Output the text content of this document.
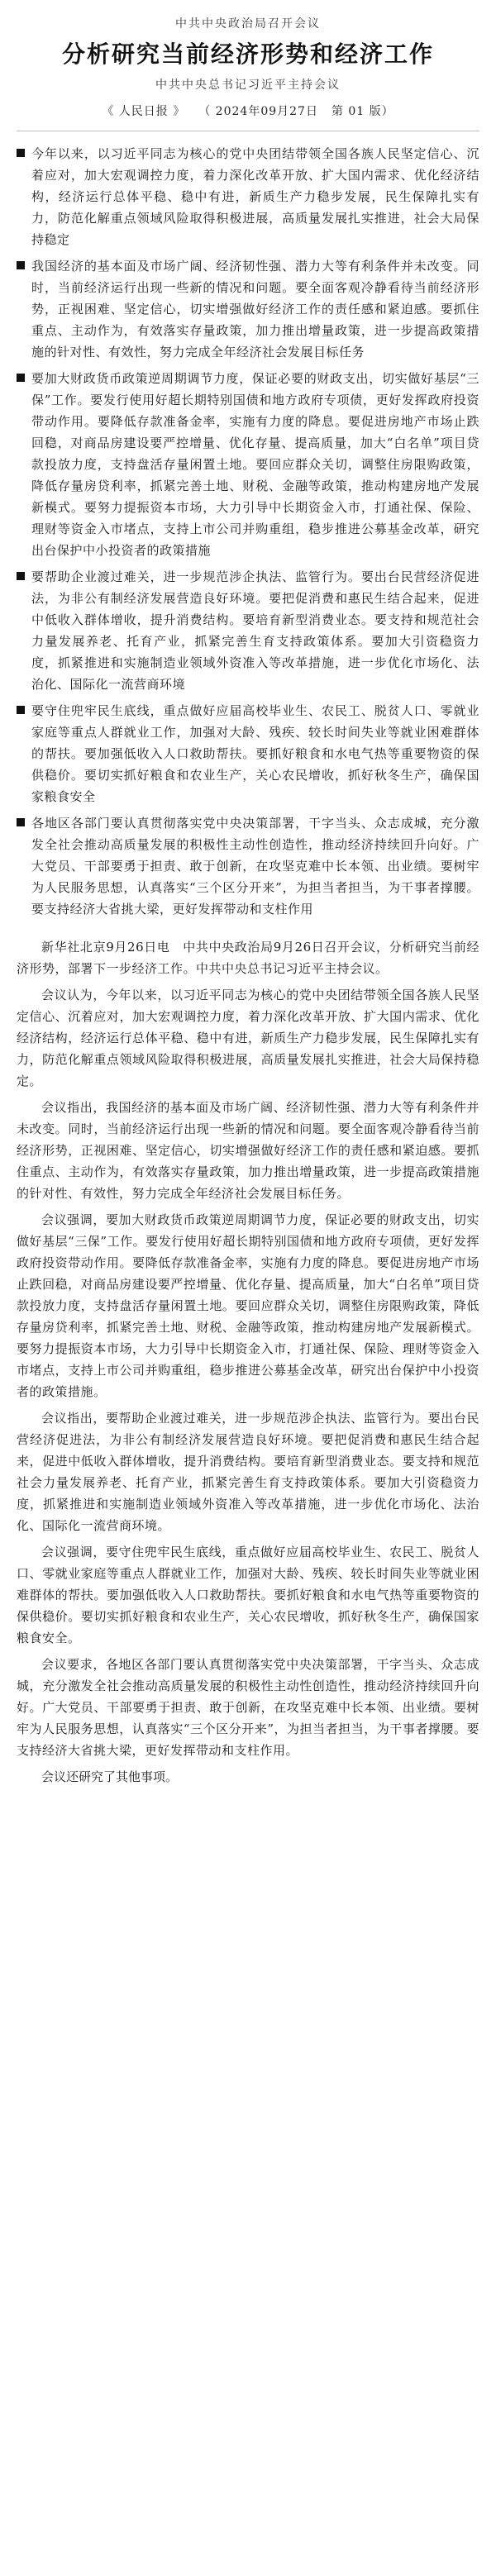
中共中央政治局召开会议
分析研究当前经济形势和经济工作
中共中央总书记习近平主持会议
《 人民日报 》 （ 2024年09月27日 第 01 版）
今年以来，以习近平同志为核心的党中央团结带领全国各族人民坚定信心、沉着应对，加大宏观调控力度，着力深化改革开放、扩大国内需求、优化经济结构，经济运行总体平稳、稳中有进，新质生产力稳步发展，民生保障扎实有力，防范化解重点领域风险取得积极进展，高质量发展扎实推进，社会大局保持稳定
我国经济的基本面及市场广阔、经济韧性强、潜力大等有利条件并未改变。同时，当前经济运行出现一些新的情况和问题。要全面客观冷静看待当前经济形势，正视困难、坚定信心，切实增强做好经济工作的责任感和紧迫感。要抓住重点、主动作为，有效落实存量政策，加力推出增量政策，进一步提高政策措施的针对性、有效性，努力完成全年经济社会发展目标任务
要加大财政货币政策逆周期调节力度，保证必要的财政支出，切实做好基层“三保”工作。要发行使用好超长期特别国债和地方政府专项债，更好发挥政府投资带动作用。要降低存款准备金率，实施有力度的降息。要促进房地产市场止跌回稳，对商品房建设要严控增量、优化存量、提高质量，加大“白名单”项目贷款投放力度，支持盘活存量闲置土地。要回应群众关切，调整住房限购政策，降低存量房贷利率，抓紧完善土地、财税、金融等政策，推动构建房地产发展新模式。要努力提振资本市场，大力引导中长期资金入市，打通社保、保险、理财等资金入市堵点，支持上市公司并购重组，稳步推进公募基金改革，研究出台保护中小投资者的政策措施
要帮助企业渡过难关，进一步规范涉企执法、监管行为。要出台民营经济促进法，为非公有制经济发展营造良好环境。要把促消费和惠民生结合起来，促进中低收入群体增收，提升消费结构。要培育新型消费业态。要支持和规范社会力量发展养老、托育产业，抓紧完善生育支持政策体系。要加大引资稳资力度，抓紧推进和实施制造业领域外资准入等改革措施，进一步优化市场化、法治化、国际化一流营商环境
要守住兜牢民生底线，重点做好应届高校毕业生、农民工、脱贫人口、零就业家庭等重点人群就业工作，加强对大龄、残疾、较长时间失业等就业困难群体的帮扶。要加强低收入人口救助帮扶。要抓好粮食和水电气热等重要物资的保供稳价。要切实抓好粮食和农业生产，关心农民增收，抓好秋冬生产，确保国家粮食安全
各地区各部门要认真贯彻落实党中央决策部署，干字当头、众志成城，充分激发全社会推动高质量发展的积极性主动性创造性，推动经济持续回升向好。广大党员、干部要勇于担责、敢于创新，在攻坚克难中长本领、出业绩。要树牢为人民服务思想，认真落实“三个区分开来”，为担当者担当，为干事者撑腰。要支持经济大省挑大梁，更好发挥带动和支柱作用

新华社北京9月26日电　中共中央政治局9月26日召开会议，分析研究当前经济形势，部署下一步经济工作。中共中央总书记习近平主持会议。

会议认为，今年以来，以习近平同志为核心的党中央团结带领全国各族人民坚定信心、沉着应对，加大宏观调控力度，着力深化改革开放、扩大国内需求、优化经济结构，经济运行总体平稳、稳中有进，新质生产力稳步发展，民生保障扎实有力，防范化解重点领域风险取得积极进展，高质量发展扎实推进，社会大局保持稳定。

会议指出，我国经济的基本面及市场广阔、经济韧性强、潜力大等有利条件并未改变。同时，当前经济运行出现一些新的情况和问题。要全面客观冷静看待当前经济形势，正视困难、坚定信心，切实增强做好经济工作的责任感和紧迫感。要抓住重点、主动作为，有效落实存量政策，加力推出增量政策，进一步提高政策措施的针对性、有效性，努力完成全年经济社会发展目标任务。

会议强调，要加大财政货币政策逆周期调节力度，保证必要的财政支出，切实做好基层“三保”工作。要发行使用好超长期特别国债和地方政府专项债，更好发挥政府投资带动作用。要降低存款准备金率，实施有力度的降息。要促进房地产市场止跌回稳，对商品房建设要严控增量、优化存量、提高质量，加大“白名单”项目贷款投放力度，支持盘活存量闲置土地。要回应群众关切，调整住房限购政策，降低存量房贷利率，抓紧完善土地、财税、金融等政策，推动构建房地产发展新模式。要努力提振资本市场，大力引导中长期资金入市，打通社保、保险、理财等资金入市堵点，支持上市公司并购重组，稳步推进公募基金改革，研究出台保护中小投资者的政策措施。

会议指出，要帮助企业渡过难关，进一步规范涉企执法、监管行为。要出台民营经济促进法，为非公有制经济发展营造良好环境。要把促消费和惠民生结合起来，促进中低收入群体增收，提升消费结构。要培育新型消费业态。要支持和规范社会力量发展养老、托育产业，抓紧完善生育支持政策体系。要加大引资稳资力度，抓紧推进和实施制造业领域外资准入等改革措施，进一步优化市场化、法治化、国际化一流营商环境。

会议强调，要守住兜牢民生底线，重点做好应届高校毕业生、农民工、脱贫人口、零就业家庭等重点人群就业工作，加强对大龄、残疾、较长时间失业等就业困难群体的帮扶。要加强低收入人口救助帮扶。要抓好粮食和水电气热等重要物资的保供稳价。要切实抓好粮食和农业生产，关心农民增收，抓好秋冬生产，确保国家粮食安全。

会议要求，各地区各部门要认真贯彻落实党中央决策部署，干字当头、众志成城，充分激发全社会推动高质量发展的积极性主动性创造性，推动经济持续回升向好。广大党员、干部要勇于担责、敢于创新，在攻坚克难中长本领、出业绩。要树牢为人民服务思想，认真落实“三个区分开来”，为担当者担当，为干事者撑腰。要支持经济大省挑大梁，更好发挥带动和支柱作用。

会议还研究了其他事项。
